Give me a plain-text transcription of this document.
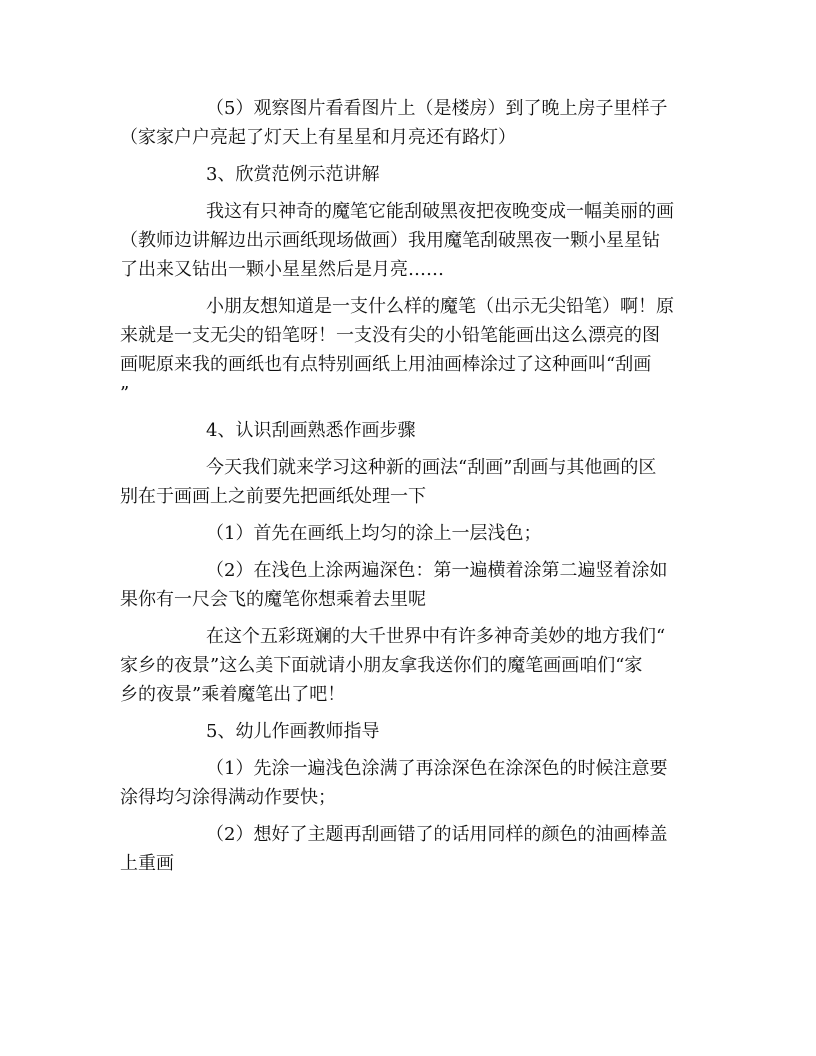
（5）观察图片看看图片上（是楼房）到了晚上房子里样子
（家家户户亮起了灯天上有星星和月亮还有路灯）

3、欣赏范例示范讲解

我这有只神奇的魔笔它能刮破黑夜把夜晚变成一幅美丽的画
（教师边讲解边出示画纸现场做画）我用魔笔刮破黑夜一颗小星星钻
了出来又钻出一颗小星星然后是月亮……

小朋友想知道是一支什么样的魔笔（出示无尖铅笔）啊！原
来就是一支无尖的铅笔呀！一支没有尖的小铅笔能画出这么漂亮的图
画呢原来我的画纸也有点特别画纸上用油画棒涂过了这种画叫“刮画
”

4、认识刮画熟悉作画步骤

今天我们就来学习这种新的画法“刮画”刮画与其他画的区
别在于画画上之前要先把画纸处理一下

（1）首先在画纸上均匀的涂上一层浅色；

（2）在浅色上涂两遍深色：第一遍横着涂第二遍竖着涂如
果你有一尺会飞的魔笔你想乘着去里呢

在这个五彩斑斓的大千世界中有许多神奇美妙的地方我们“
家乡的夜景”这么美下面就请小朋友拿我送你们的魔笔画画咱们“家
乡的夜景”乘着魔笔出了吧！

5、幼儿作画教师指导

（1）先涂一遍浅色涂满了再涂深色在涂深色的时候注意要
涂得均匀涂得满动作要快；

（2）想好了主题再刮画错了的话用同样的颜色的油画棒盖
上重画
